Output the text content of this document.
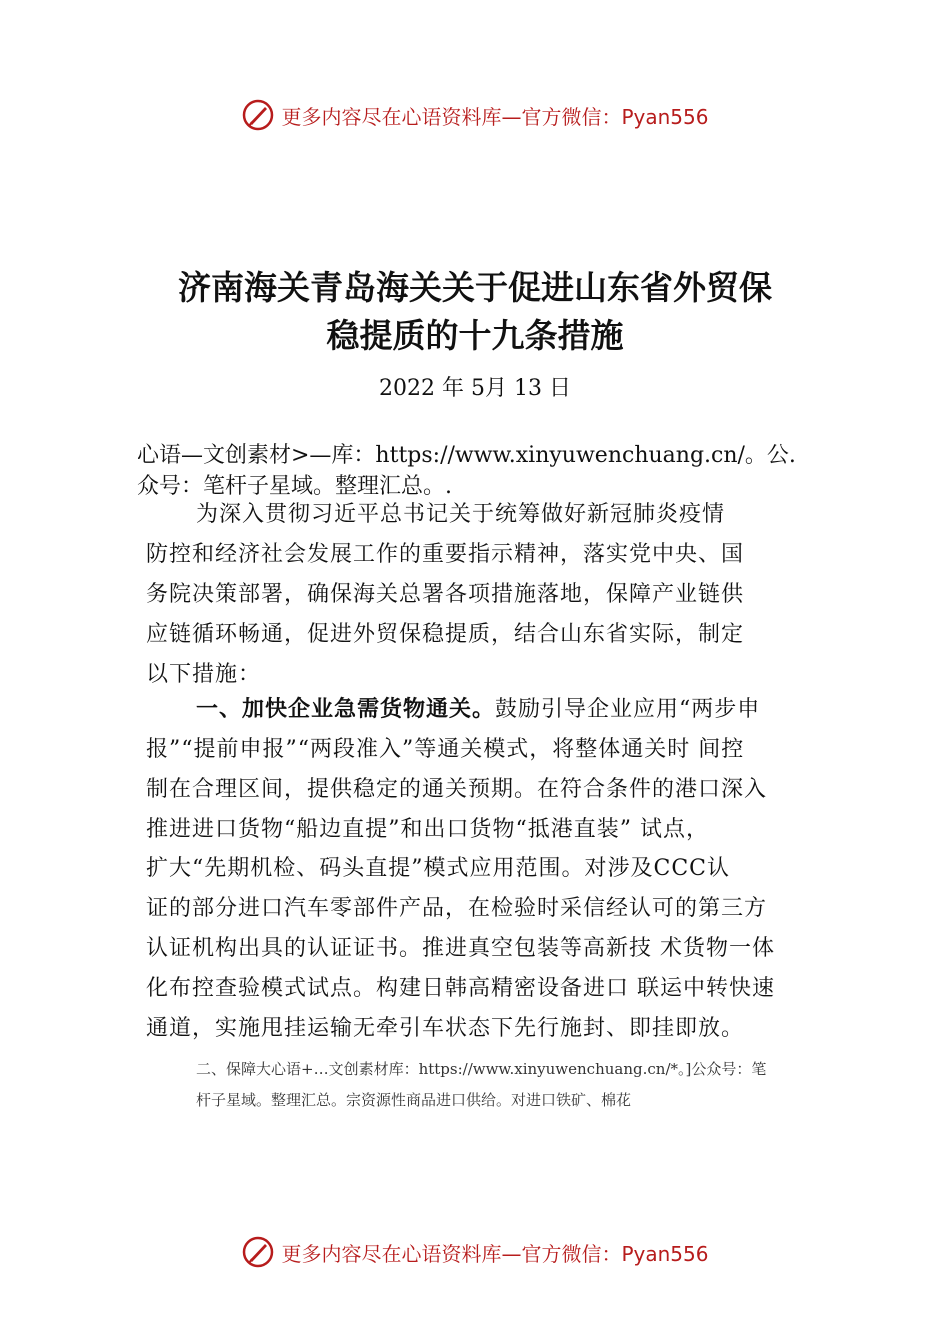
更多内容尽在心语资料库—官方微信：Pyan556
济南海关青岛海关关于促进山东省外贸保
稳提质的十九条措施
2022 年 5月 13 日
心语—文创素材>—库：https://www.xinyuwenchuang.cn/。公.
众号：笔杆子星域。整理汇总。.
为深入贯彻习近平总书记关于统筹做好新冠肺炎疫情
防控和经济社会发展工作的重要指示精神，落实党中央、国
务院决策部署，确保海关总署各项措施落地，保障产业链供
应链循环畅通，促进外贸保稳提质，结合山东省实际，制定
以下措施：
一、加快企业急需货物通关。鼓励引导企业应用“两步申
报”“提前申报”“两段准入”等通关模式，将整体通关时 间控
制在合理区间，提供稳定的通关预期。在符合条件的港口深入
推进进口货物“船边直提”和出口货物“抵港直装” 试点，
扩大“先期机检、码头直提”模式应用范围。对涉及CCC认
证的部分进口汽车零部件产品，在检验时采信经认可的第三方
认证机构出具的认证证书。推进真空包装等高新技 术货物一体
化布控查验模式试点。构建日韩高精密设备进口 联运中转快速
通道，实施甩挂运输无牵引车状态下先行施封、即挂即放。
二、保障大心语+…文创素材库：https://www.xinyuwenchuang.cn/*。]公众号：笔
杆子星域。整理汇总。宗资源性商品进口供给。对进口铁矿、棉花
更多内容尽在心语资料库—官方微信：Pyan556
